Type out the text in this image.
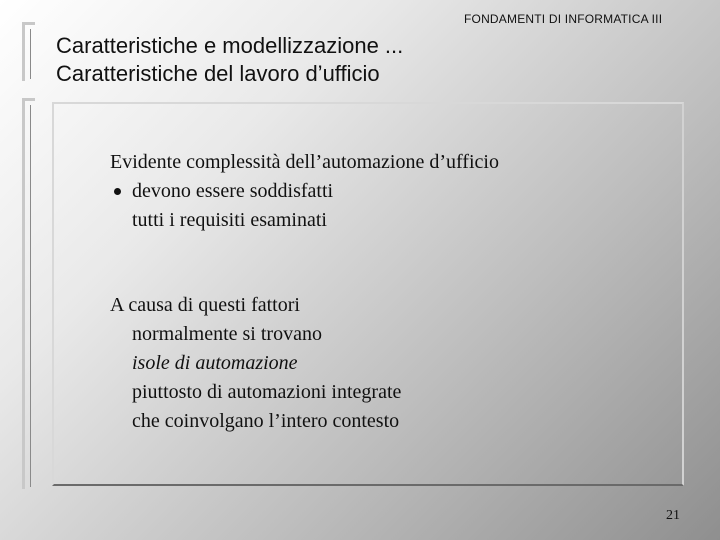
Caratteristiche e modellizzazione ...
Caratteristiche del lavoro d’ufficio
FONDAMENTI DI INFORMATICA III
Evidente complessità dell’automazione d’ufficio
devono essere soddisfatti
tutti i requisiti esaminati
A causa di questi fattori
normalmente si trovano
isole di automazione
piuttosto di automazioni integrate
che coinvolgano l’intero contesto
21
